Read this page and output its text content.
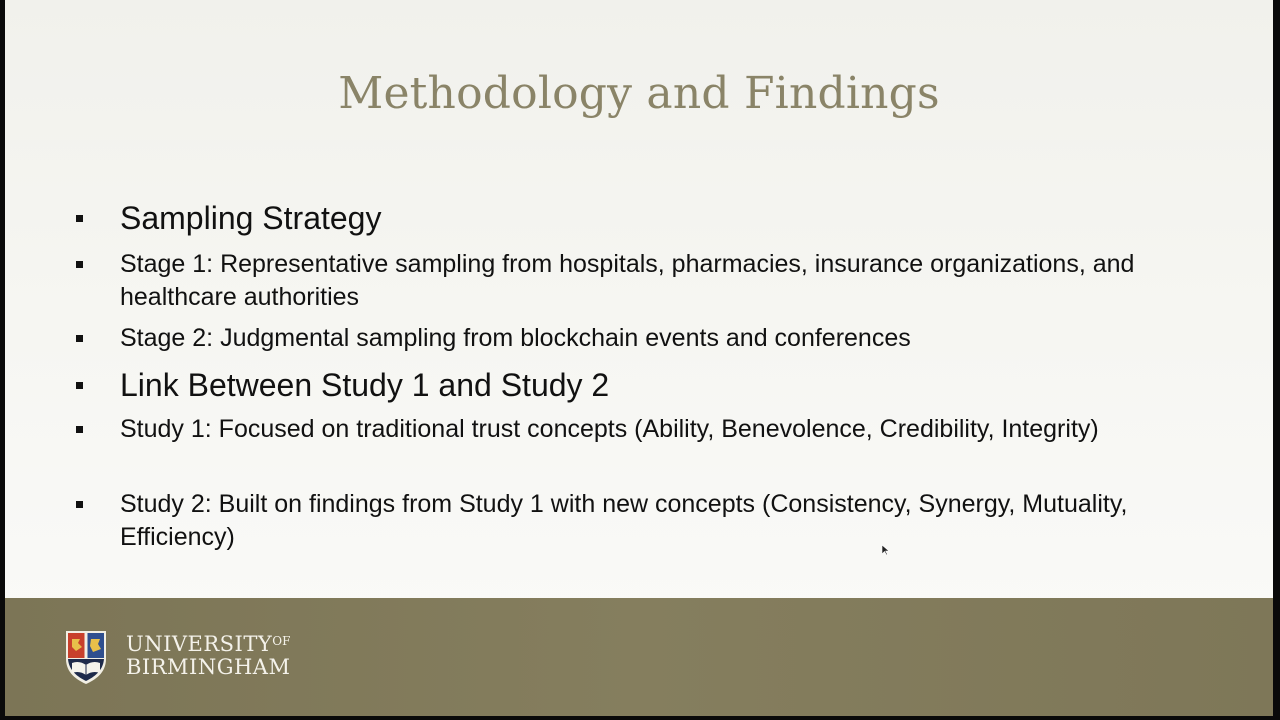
Methodology and Findings
Sampling Strategy
Stage 1: Representative sampling from hospitals, pharmacies, insurance organizations, and healthcare authorities
Stage 2: Judgmental sampling from blockchain events and conferences
Link Between Study 1 and Study 2
Study 1: Focused on traditional trust concepts (Ability, Benevolence, Credibility, Integrity)
Study 2: Built on findings from Study 1 with new concepts (Consistency, Synergy, Mutuality, Efficiency)
$UNIVERSITY^{OF}$
BIRMINGHAM
